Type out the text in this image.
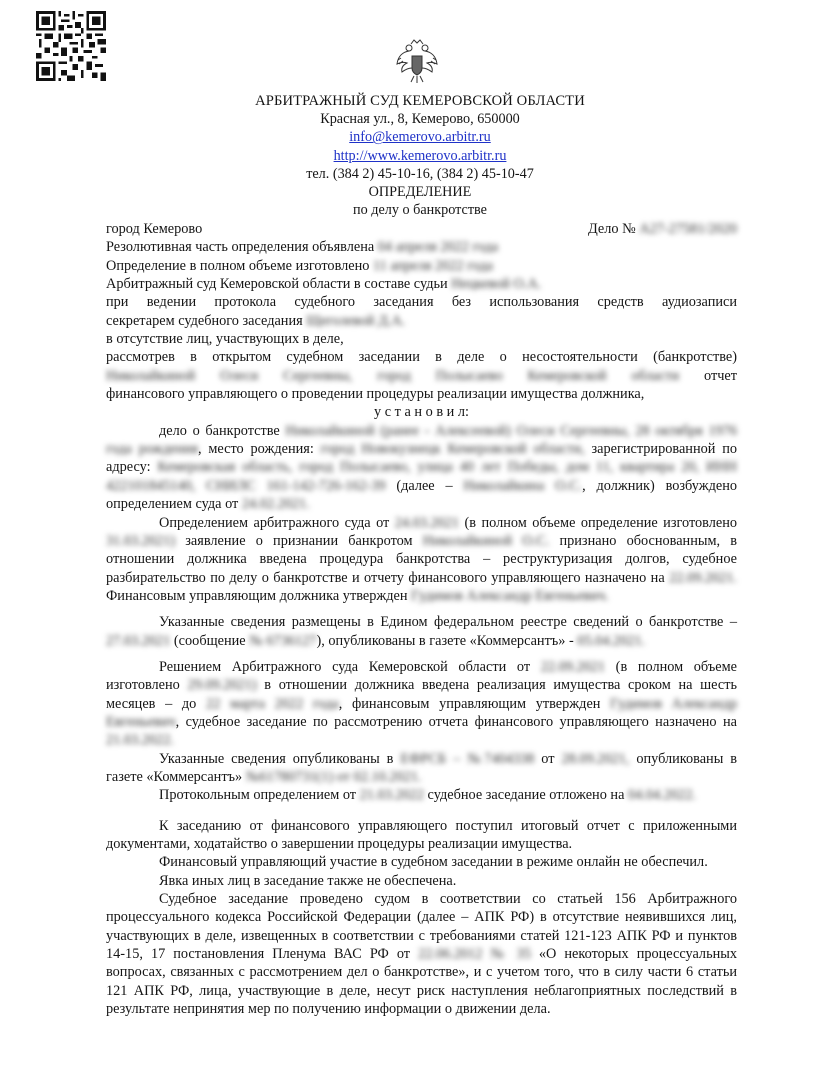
АРБИТРАЖНЫЙ СУД КЕМЕРОВСКОЙ ОБЛАСТИ
Красная ул., 8, Кемерово, 650000
info@kemerovo.arbitr.ru
http://www.kemerovo.arbitr.ru
тел. (384 2) 45-10-16, (384 2) 45-10-47
ОПРЕДЕЛЕНИЕ
по делу о банкротстве
город Кемерово	Дело № А27-27581/2020
Резолютивная часть определения объявлена 04 апреля 2022 года
Определение в полном объеме изготовлено 11 апреля 2022 года
Арбитражный суд Кемеровской области в составе судьи Нецкевой О.А.
при ведении протокола судебного заседания без использования средств аудиозаписи
секретарем судебного заседания Щеголевой Д.А.
в отсутствие лиц, участвующих в деле,
рассмотрев в открытом судебном заседании в деле о несостоятельности (банкротстве)
Николайкиной Олеси Сергеевны, город Полысаево Кемеровской области отчет
финансового управляющего о проведении процедуры реализации имущества должника,
у с т а н о в и л:
дело о банкротстве Николайкиной (ранее - Алексеевой) Олеси Сергеевны, 28 октября 1976 года рождения, место рождения: город Новокузнецк Кемеровской области, зарегистрированной по адресу: Кемеровская область, город Полысаево, улица 40 лет Победы, дом 11, квартира 20, ИНН 422101845140, СНИЛС 161-142-726-162-39 (далее – Николайкина О.С., должник) возбуждено определением суда от 24.02.2021.
Определением арбитражного суда от 24.03.2021 (в полном объеме определение изготовлено 31.03.2021) заявление о признании банкротом Николайкиной О.С. признано обоснованным, в отношении должника введена процедура банкротства – реструктуризация долгов, судебное разбирательство по делу о банкротстве и отчету финансового управляющего назначено на 22.09.2021. Финансовым управляющим должника утвержден Гудимов Александр Евгеньевич.
Указанные сведения размещены в Едином федеральном реестре сведений о банкротстве – 27.03.2021 (сообщение № 6736127), опубликованы в газете «Коммерсантъ» - 05.04.2021.
Решением Арбитражного суда Кемеровской области от 22.09.2021 (в полном объеме изготовлено 29.09.2021) в отношении должника введена реализация имущества сроком на шесть месяцев – до 22 марта 2022 года, финансовым управляющим утвержден Гудимов Александр Евгеньевич, судебное заседание по рассмотрению отчета финансового управляющего назначено на 21.03.2022.
Указанные сведения опубликованы в ЕФРСБ – №7404338 от 28.09.2021, опубликованы в газете «Коммерсантъ» №61780731(1) от 02.10.2021.
Протокольным определением от 21.03.2022 судебное заседание отложено на 04.04.2022.
К заседанию от финансового управляющего поступил итоговый отчет с приложенными документами, ходатайство о завершении процедуры реализации имущества.
Финансовый управляющий участие в судебном заседании в режиме онлайн не обеспечил.
Явка иных лиц в заседание также не обеспечена.
Судебное заседание проведено судом в соответствии со статьей 156 Арбитражного процессуального кодекса Российской Федерации (далее – АПК РФ) в отсутствие неявившихся лиц, участвующих в деле, извещенных в соответствии с требованиями статей 121-123 АПК РФ и пунктов 14-15, 17 постановления Пленума ВАС РФ от 22.06.2012 № 35 «О некоторых процессуальных вопросах, связанных с рассмотрением дел о банкротстве», и с учетом того, что в силу части 6 статьи 121 АПК РФ, лица, участвующие в деле, несут риск наступления неблагоприятных последствий в результате непринятия мер по получению информации о движении дела.
